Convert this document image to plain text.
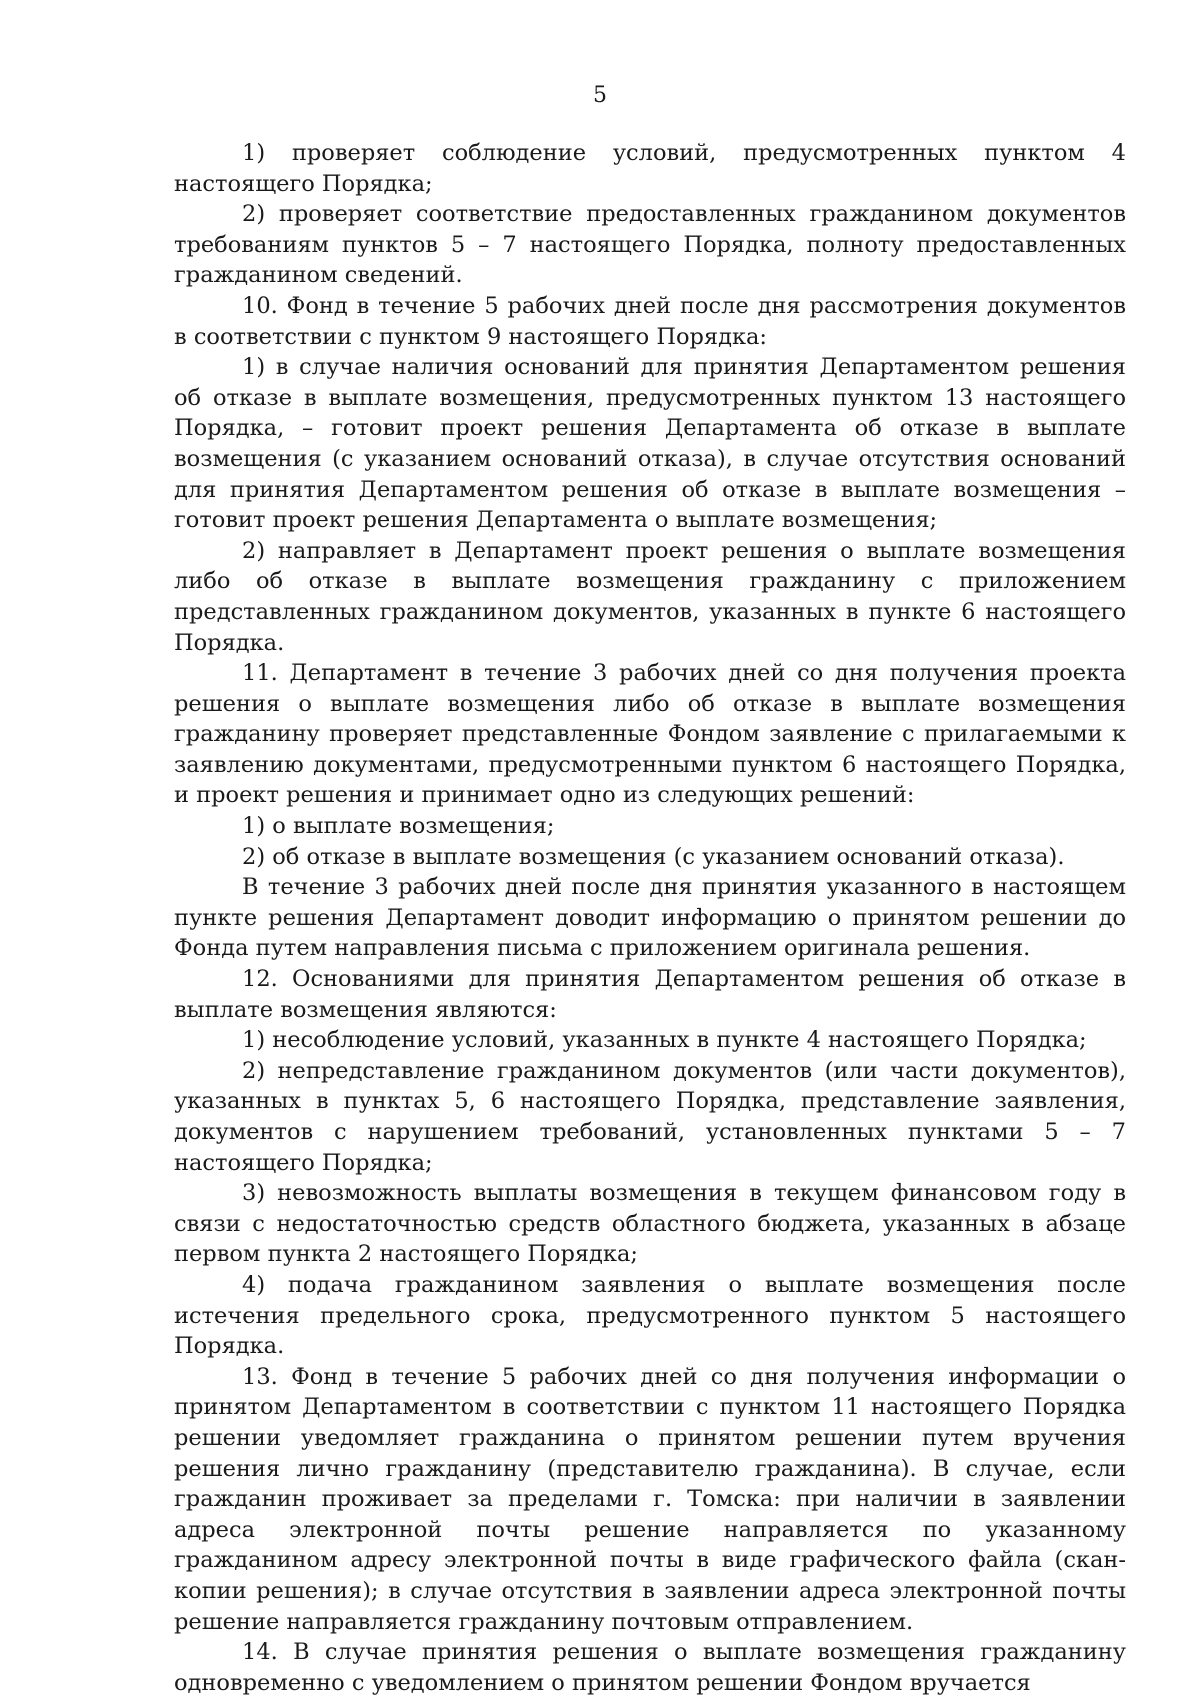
5

1) проверяет соблюдение условий, предусмотренных пунктом 4 настоящего Порядка;

2) проверяет соответствие предоставленных гражданином документов требованиям пунктов 5 – 7 настоящего Порядка, полноту предоставленных гражданином сведений.

10. Фонд в течение 5 рабочих дней после дня рассмотрения документов в соответствии с пунктом 9 настоящего Порядка:

1) в случае наличия оснований для принятия Департаментом решения об отказе в выплате возмещения, предусмотренных пунктом 13 настоящего Порядка, – готовит проект решения Департамента об отказе в выплате возмещения (с указанием оснований отказа), в случае отсутствия оснований для принятия Департаментом решения об отказе в выплате возмещения – готовит проект решения Департамента о выплате возмещения;

2) направляет в Департамент проект решения о выплате возмещения либо об отказе в выплате возмещения гражданину с приложением представленных гражданином документов, указанных в пункте 6 настоящего Порядка.

11. Департамент в течение 3 рабочих дней со дня получения проекта решения о выплате возмещения либо об отказе в выплате возмещения гражданину проверяет представленные Фондом заявление с прилагаемыми к заявлению документами, предусмотренными пунктом 6 настоящего Порядка, и проект решения и принимает одно из следующих решений:

1) о выплате возмещения;

2) об отказе в выплате возмещения (с указанием оснований отказа).

В течение 3 рабочих дней после дня принятия указанного в настоящем пункте решения Департамент доводит информацию о принятом решении до Фонда путем направления письма с приложением оригинала решения.

12. Основаниями для принятия Департаментом решения об отказе в выплате возмещения являются:

1) несоблюдение условий, указанных в пункте 4 настоящего Порядка;

2) непредставление гражданином документов (или части документов), указанных в пунктах 5, 6 настоящего Порядка, представление заявления, документов с нарушением требований, установленных пунктами 5 – 7 настоящего Порядка;

3) невозможность выплаты возмещения в текущем финансовом году в связи с недостаточностью средств областного бюджета, указанных в абзаце первом пункта 2 настоящего Порядка;

4) подача гражданином заявления о выплате возмещения после истечения предельного срока, предусмотренного пунктом 5 настоящего Порядка.

13. Фонд в течение 5 рабочих дней со дня получения информации о принятом Департаментом в соответствии с пунктом 11 настоящего Порядка решении уведомляет гражданина о принятом решении путем вручения решения лично гражданину (представителю гражданина). В случае, если гражданин проживает за пределами г. Томска: при наличии в заявлении адреса электронной почты решение направляется по указанному гражданином адресу электронной почты в виде графического файла (скан-копии решения); в случае отсутствия в заявлении адреса электронной почты решение направляется гражданину почтовым отправлением.

14. В случае принятия решения о выплате возмещения гражданину одновременно с уведомлением о принятом решении Фондом вручается
